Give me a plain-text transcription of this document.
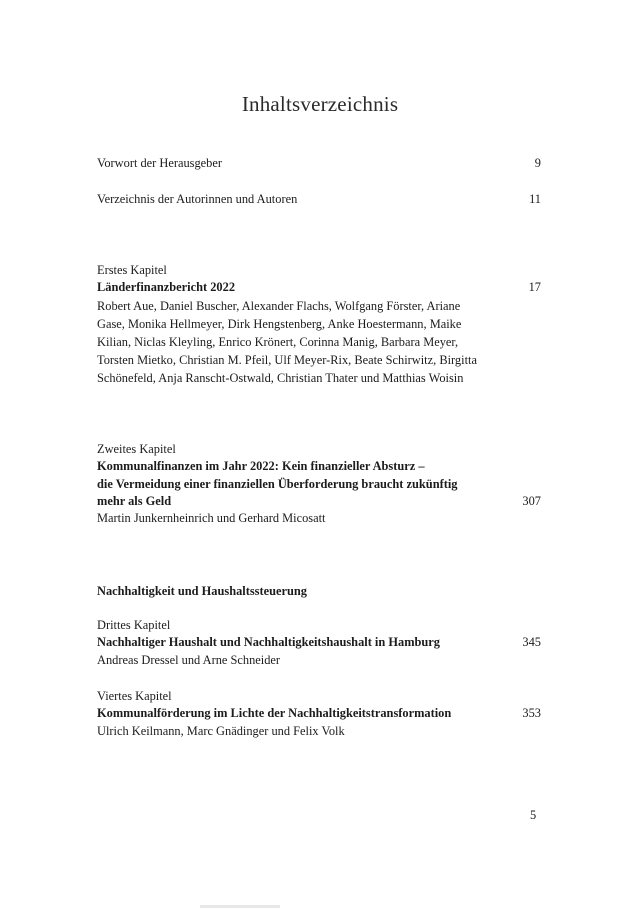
Inhaltsverzeichnis
Vorwort der Herausgeber	9
Verzeichnis der Autorinnen und Autoren	11
Erstes Kapitel
Länderfinanzbericht 2022	17
Robert Aue, Daniel Buscher, Alexander Flachs, Wolfgang Förster, Ariane
Gase, Monika Hellmeyer, Dirk Hengstenberg, Anke Hoestermann, Maike
Kilian, Niclas Kleyling, Enrico Krönert, Corinna Manig, Barbara Meyer,
Torsten Mietko, Christian M. Pfeil, Ulf Meyer-Rix, Beate Schirwitz, Birgitta
Schönefeld, Anja Ranscht-Ostwald, Christian Thater und Matthias Woisin
Zweites Kapitel
Kommunalfinanzen im Jahr 2022: Kein finanzieller Absturz –
die Vermeidung einer finanziellen Überforderung braucht zukünftig
mehr als Geld	307
Martin Junkernheinrich und Gerhard Micosatt
Nachhaltigkeit und Haushaltssteuerung
Drittes Kapitel
Nachhaltiger Haushalt und Nachhaltigkeitshaushalt in Hamburg	345
Andreas Dressel und Arne Schneider
Viertes Kapitel
Kommunalförderung im Lichte der Nachhaltigkeitstransformation	353
Ulrich Keilmann, Marc Gnädinger und Felix Volk
5
